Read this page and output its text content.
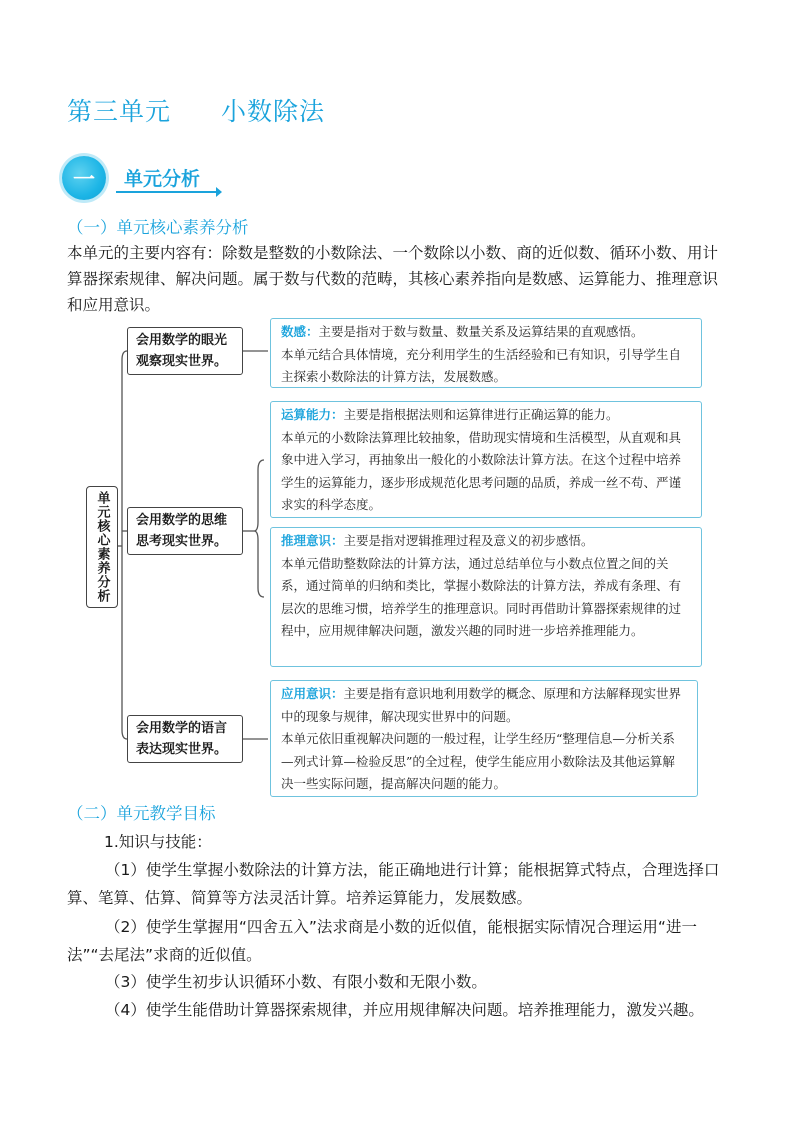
第三单元 小数除法
一	单元分析
（一）单元核心素养分析
本单元的主要内容有：除数是整数的小数除法、一个数除以小数、商的近似数、循环小数、用计算器探索规律、解决问题。属于数与代数的范畴，其核心素养指向是数感、运算能力、推理意识和应用意识。
单元核心素养分析
会用数学的眼光观察现实世界。
会用数学的思维思考现实世界。
会用数学的语言表达现实世界。

数感：主要是指对于数与数量、数量关系及运算结果的直观感悟。

本单元结合具体情境，充分利用学生的生活经验和已有知识，引导学生自主探索小数除法的计算方法，发展数感。

运算能力：主要是指根据法则和运算律进行正确运算的能力。

本单元的小数除法算理比较抽象，借助现实情境和生活模型，从直观和具象中进入学习，再抽象出一般化的小数除法计算方法。在这个过程中培养学生的运算能力，逐步形成规范化思考问题的品质，养成一丝不苟、严谨求实的科学态度。

推理意识：主要是指对逻辑推理过程及意义的初步感悟。

本单元借助整数除法的计算方法，通过总结单位与小数点位置之间的关系，通过简单的归纳和类比，掌握小数除法的计算方法，养成有条理、有层次的思维习惯，培养学生的推理意识。同时再借助计算器探索规律的过程中，应用规律解决问题，激发兴趣的同时进一步培养推理能力。

应用意识：主要是指有意识地利用数学的概念、原理和方法解释现实世界中的现象与规律，解决现实世界中的问题。

本单元依旧重视解决问题的一般过程，让学生经历“整理信息—分析关系—列式计算—检验反思”的全过程，使学生能应用小数除法及其他运算解决一些实际问题，提高解决问题的能力。

（二）单元教学目标
1.知识与技能：
（1）使学生掌握小数除法的计算方法，能正确地进行计算；能根据算式特点，合理选择口算、笔算、估算、简算等方法灵活计算。培养运算能力，发展数感。
（2）使学生掌握用“四舍五入”法求商是小数的近似值，能根据实际情况合理运用“进一法”“去尾法”求商的近似值。
（3）使学生初步认识循环小数、有限小数和无限小数。
（4）使学生能借助计算器探索规律，并应用规律解决问题。培养推理能力，激发兴趣。
